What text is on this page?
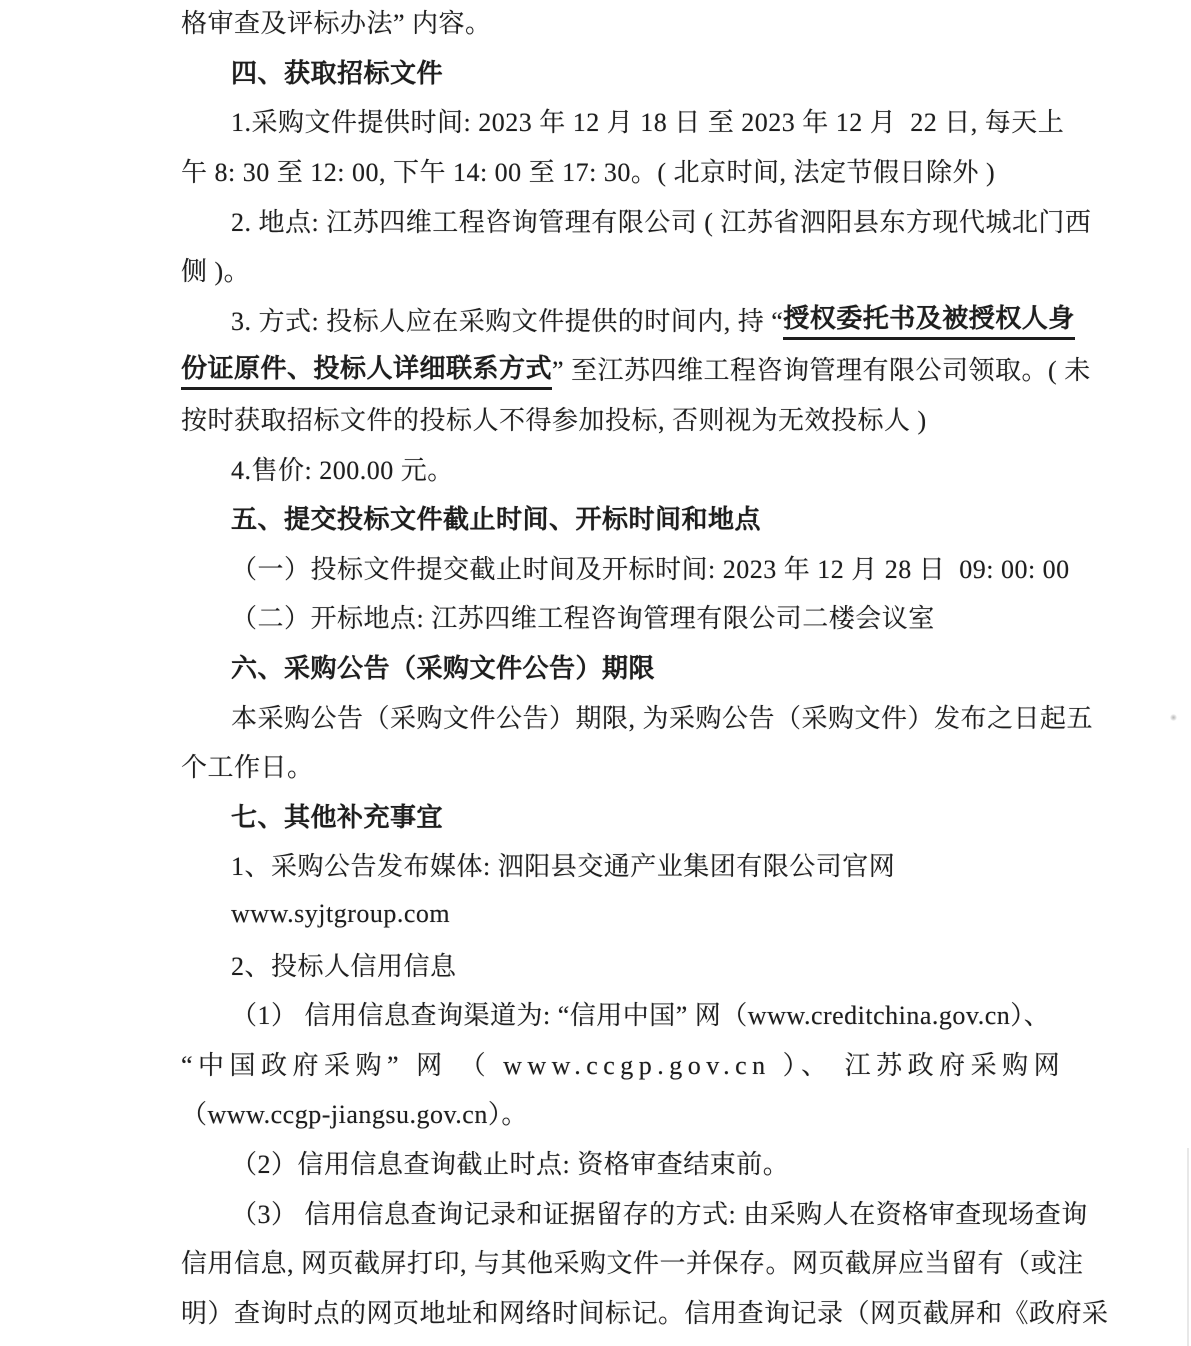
格审查及评标办法” 内容。
四、获取招标文件
1.采购文件提供时间: 2023 年 12 月 18 日 至 2023 年 12 月  22 日, 每天上
午 8: 30 至 12: 00, 下午 14: 00 至 17: 30。( 北京时间, 法定节假日除外 )
2. 地点: 江苏四维工程咨询管理有限公司 ( 江苏省泗阳县东方现代城北门西
侧 )。
3. 方式: 投标人应在采购文件提供的时间内, 持 “ 授权委托书及被授权人身
份证原件、投标人详细联系方式 ” 至江苏四维工程咨询管理有限公司领取。( 未
按时获取招标文件的投标人不得参加投标, 否则视为无效投标人 )
4.售价: 200.00 元。
五、提交投标文件截止时间、开标时间和地点
（一）投标文件提交截止时间及开标时间: 2023 年 12 月 28 日  09: 00: 00
（二）开标地点: 江苏四维工程咨询管理有限公司二楼会议室
六、采购公告（采购文件公告）期限
本采购公告（采购文件公告）期限, 为采购公告（采购文件）发布之日起五
个工作日。
七、其他补充事宜
1、采购公告发布媒体: 泗阳县交通产业集团有限公司官网
www.syjtgroup.com
2、投标人信用信息
（1） 信用信息查询渠道为: “信用中国” 网（www.creditchina.gov.cn）、
“中国政府采购” 网 （ www.ccgp.gov.cn ）、 江苏政府采购网
（www.ccgp-jiangsu.gov.cn）。
（2）信用信息查询截止时点: 资格审查结束前。
（3） 信用信息查询记录和证据留存的方式: 由采购人在资格审查现场查询
信用信息, 网页截屏打印, 与其他采购文件一并保存。网页截屏应当留有（或注
明）查询时点的网页地址和网络时间标记。信用查询记录（网页截屏和《政府采
